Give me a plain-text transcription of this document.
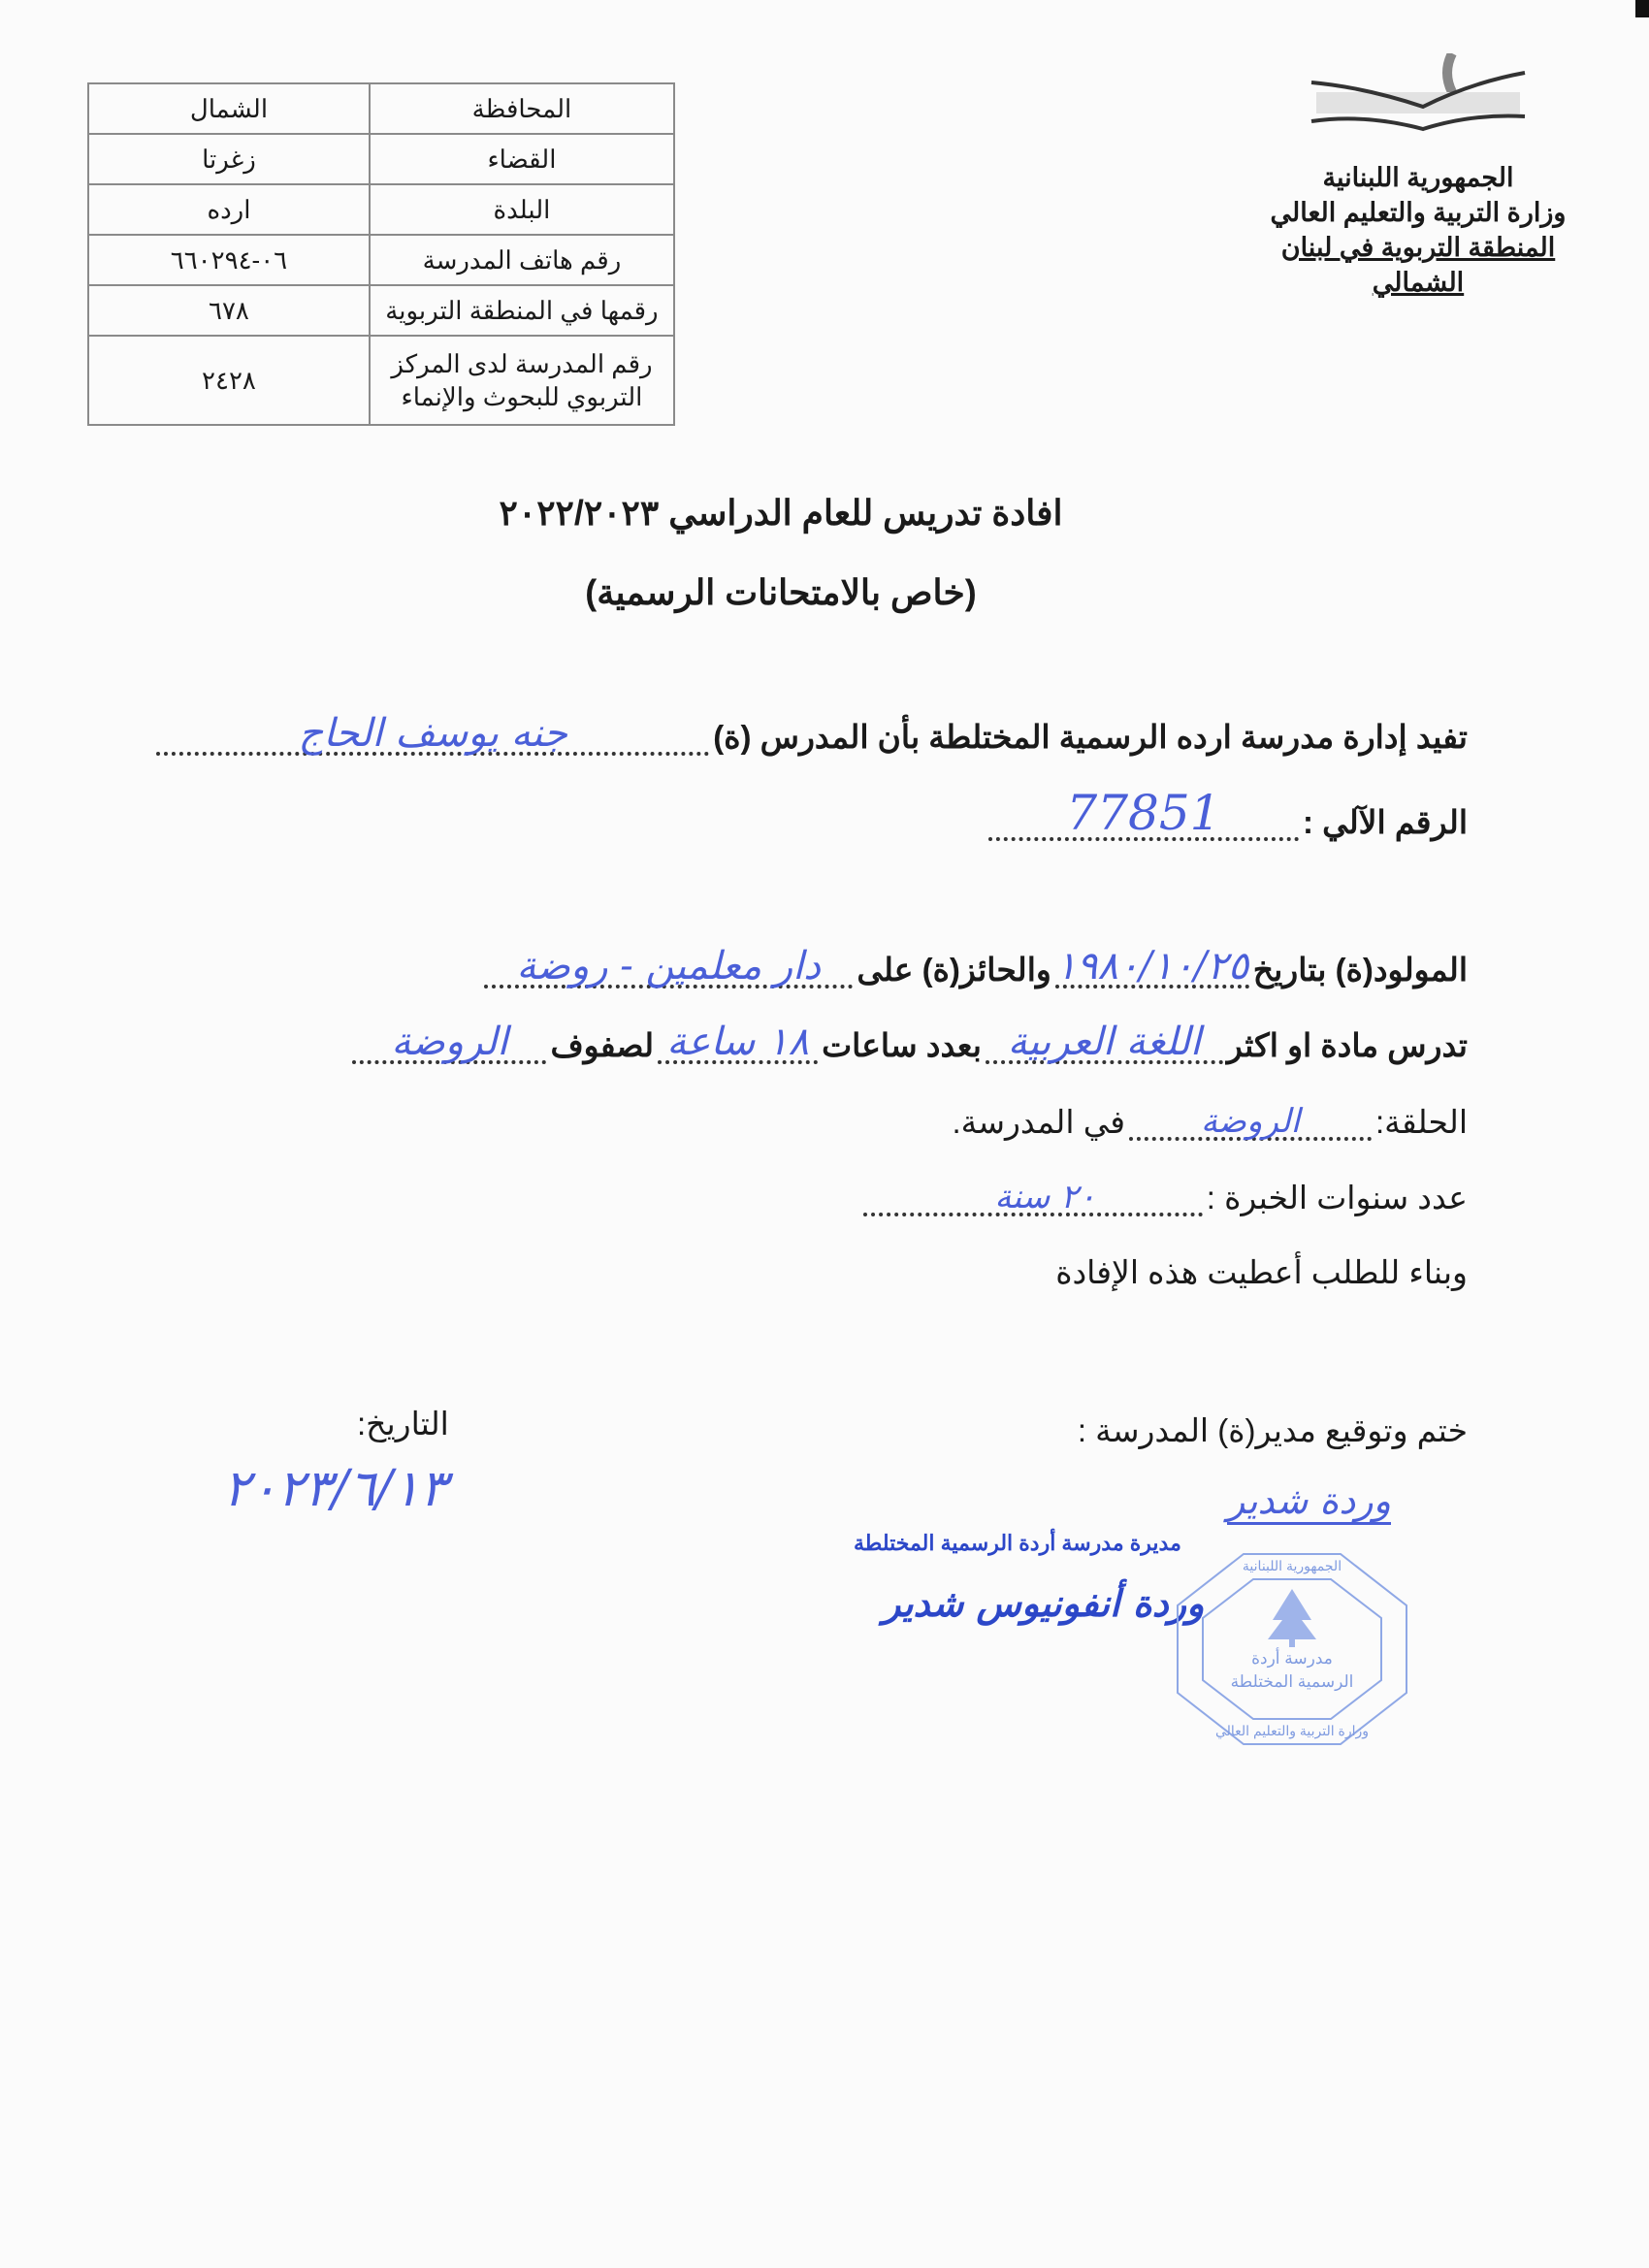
المحافظة	الشمال
القضاء	زغرتا
البلدة	ارده
رقم هاتف المدرسة	٠٦-٦٦٠٢٩٤
رقمها في المنطقة التربوية	٦٧٨
رقم المدرسة لدى المركز التربوي للبحوث والإنماء	٢٤٢٨
الجمهورية اللبنانية
وزارة التربية والتعليم العالي
المنطقة التربوية في لبنان الشمالي
افادة تدريس للعام الدراسي ٢٠٢٢/٢٠٢٣
(خاص بالامتحانات الرسمية)
تفيد إدارة مدرسة ارده الرسمية المختلطة بأن المدرس (ة)
جنه يوسف الحاج
الرقم الآلي :
77851
المولود(ة) بتاريخ
١٩٨٠/١٠/٢٥
والحائز(ة) على
دار معلمين - روضة
تدرس مادة او اكثر
اللغة العربية
بعدد ساعات
١٨ ساعة
لصفوف
الروضة
الحلقة:
الروضة
في المدرسة.
عدد سنوات الخبرة :
٢٠ سنة
وبناء للطلب أعطيت هذه الإفادة
ختم وتوقيع مدير(ة) المدرسة :
التاريخ:
٢٠٢٣/٦/١٣	وردة شدير
مديرة مدرسة أردة الرسمية المختلطة
وردة أنفونيوس شدير
الجمهورية اللبنانية
مدرسة أردة
الرسمية المختلطة
وزارة التربية والتعليم العالي
